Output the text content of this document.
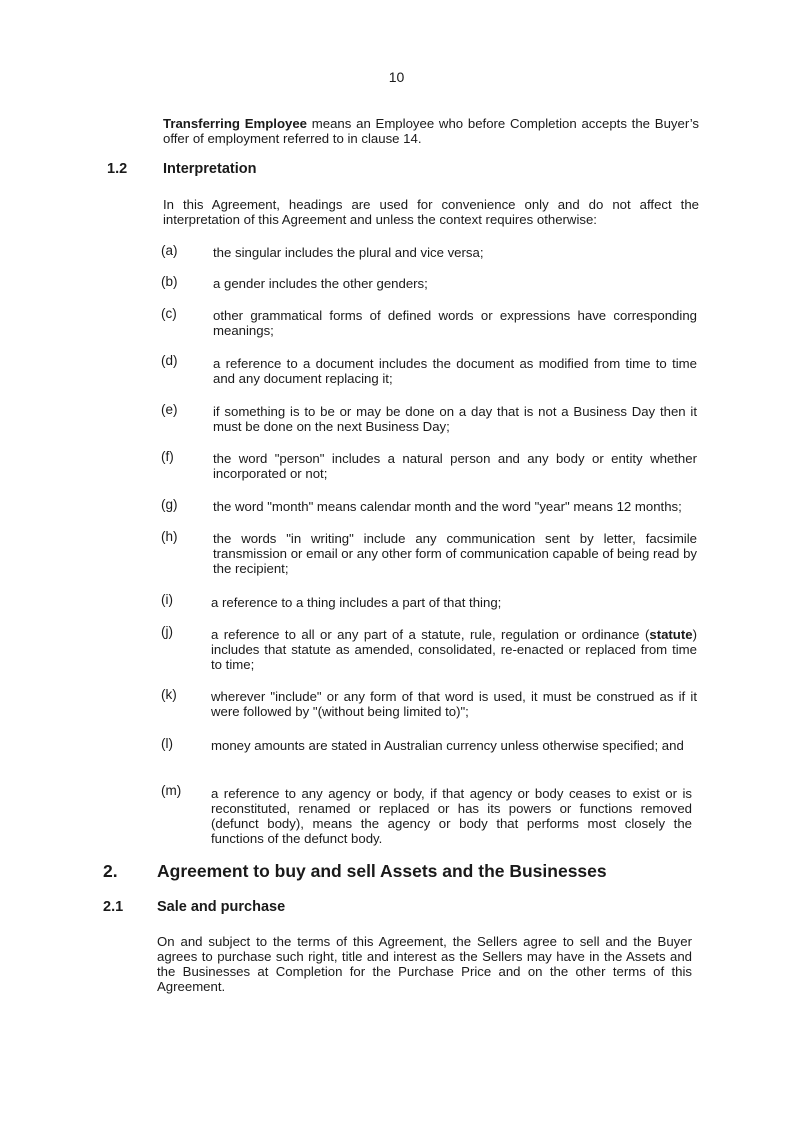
10
Transferring Employee means an Employee who before Completion accepts the Buyer’s offer of employment referred to in clause 14.
1.2 Interpretation
In this Agreement, headings are used for convenience only and do not affect the interpretation of this Agreement and unless the context requires otherwise:
(a)	the singular includes the plural and vice versa;
(b)	a gender includes the other genders;
(c)	other grammatical forms of defined words or expressions have corresponding meanings;
(d)	a reference to a document includes the document as modified from time to time and any document replacing it;
(e)	if something is to be or may be done on a day that is not a Business Day then it must be done on the next Business Day;
(f)	the word "person" includes a natural person and any body or entity whether incorporated or not;
(g)	the word "month" means calendar month and the word "year" means 12 months;
(h)	the words "in writing" include any communication sent by letter, facsimile transmission or email or any other form of communication capable of being read by the recipient;
(i)	a reference to a thing includes a part of that thing;
(j)	a reference to all or any part of a statute, rule, regulation or ordinance (statute) includes that statute as amended, consolidated, re-enacted or replaced from time to time;
(k)	wherever "include" or any form of that word is used, it must be construed as if it were followed by "(without being limited to)";
(l)	money amounts are stated in Australian currency unless otherwise specified; and
(m) a reference to any agency or body, if that agency or body ceases to exist or is reconstituted, renamed or replaced or has its powers or functions removed (defunct body), means the agency or body that performs most closely the functions of the defunct body.
2. Agreement to buy and sell Assets and the Businesses
2.1 Sale and purchase
On and subject to the terms of this Agreement, the Sellers agree to sell and the Buyer agrees to purchase such right, title and interest as the Sellers may have in the Assets and the Businesses at Completion for the Purchase Price and on the other terms of this Agreement.
